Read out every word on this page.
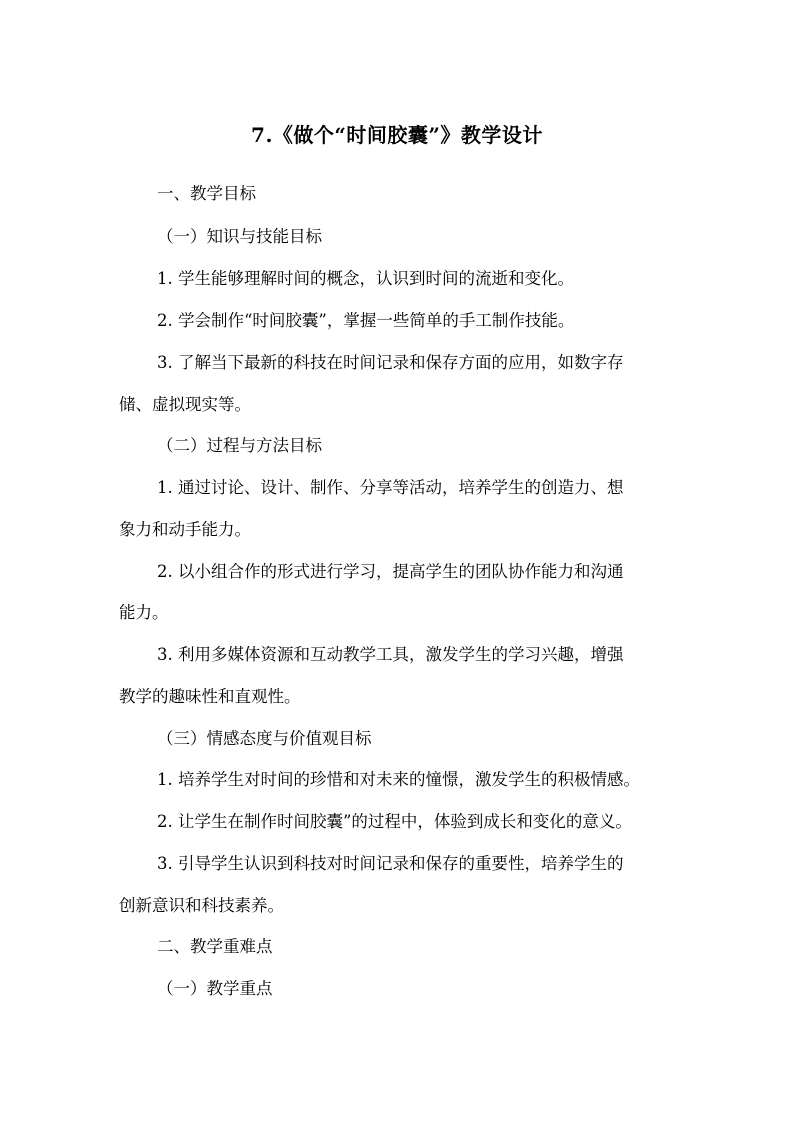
7.《做个“时间胶囊”》教学设计

一、教学目标

（一）知识与技能目标

1. 学生能够理解时间的概念，认识到时间的流逝和变化。

2. 学会制作“时间胶囊”，掌握一些简单的手工制作技能。

3. 了解当下最新的科技在时间记录和保存方面的应用，如数字存

储、虚拟现实等。

（二）过程与方法目标

1. 通过讨论、设计、制作、分享等活动，培养学生的创造力、想

象力和动手能力。

2. 以小组合作的形式进行学习，提高学生的团队协作能力和沟通

能力。

3. 利用多媒体资源和互动教学工具，激发学生的学习兴趣，增强

教学的趣味性和直观性。

（三）情感态度与价值观目标

1. 培养学生对时间的珍惜和对未来的憧憬，激发学生的积极情感。

2. 让学生在制作时间胶囊”的过程中，体验到成长和变化的意义。

3. 引导学生认识到科技对时间记录和保存的重要性，培养学生的

创新意识和科技素养。

二、教学重难点

（一）教学重点
